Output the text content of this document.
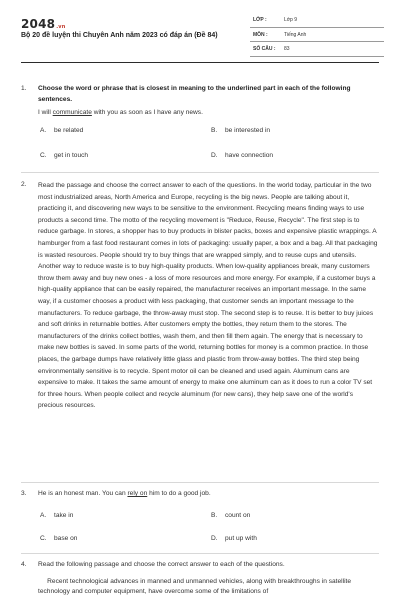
2048.vn
Bộ 20 đề luyện thi Chuyên Anh năm 2023 có đáp án (Đề 84)
LỚP :	Lớp 9
MÔN :	Tiếng Anh
SỐ CÂU : 83
1. Choose the word or phrase that is closest in meaning to the underlined part in each of the following sentences.
I will communicate with you as soon as I have any news.
A. be related	B. be interested in
C. get in touch	D. have connection
2. Read the passage and choose the correct answer to each of the questions. In the world today, particular in the two most industrialized areas, North America and Europe, recycling is the big news. People are talking about it, practicing it, and discovering new ways to be sensitive to the environment. Recycling means finding ways to use products a second time. The motto of the recycling movement is "Reduce, Reuse, Recycle". The first step is to reduce garbage. In stores, a shopper has to buy products in blister packs, boxes and expensive plastic wrappings. A hamburger from a fast food restaurant comes in lots of packaging: usually paper, a box and a bag. All that packaging is wasted resources. People should try to buy things that are wrapped simply, and to reuse cups and utensils. Another way to reduce waste is to buy high-quality products. When low-quality appliances break, many customers throw them away and buy new ones - a loss of more resources and more energy. For example, if a customer buys a high-quality appliance that can be easily repaired, the manufacturer receives an important message. In the same way, if a customer chooses a product with less packaging, that customer sends an important message to the manufacturers. To reduce garbage, the throw-away must stop. The second step is to reuse. It is better to buy juices and soft drinks in returnable bottles. After customers empty the bottles, they return them to the stores. The manufacturers of the drinks collect bottles, wash them, and then fill them again. The energy that is necessary to make new bottles is saved. In some parts of the world, returning bottles for money is a common practice. In those places, the garbage dumps have relatively little glass and plastic from throw-away bottles. The third step being environmentally sensitive is to recycle. Spent motor oil can be cleaned and used again. Aluminum cans are expensive to make. It takes the same amount of energy to make one aluminum can as it does to run a color TV set for three hours. When people collect and recycle aluminum (for new cans), they help save one of the world's precious resources.
3. He is an honest man. You can rely on him to do a good job.
A. take in	B. count on
C. base on	D. put up with
4. Read the following passage and choose the correct answer to each of the questions.
Recent technological advances in manned and unmanned vehicles, along with breakthroughs in satellite technology and computer equipment, have overcome some of the limitations of
